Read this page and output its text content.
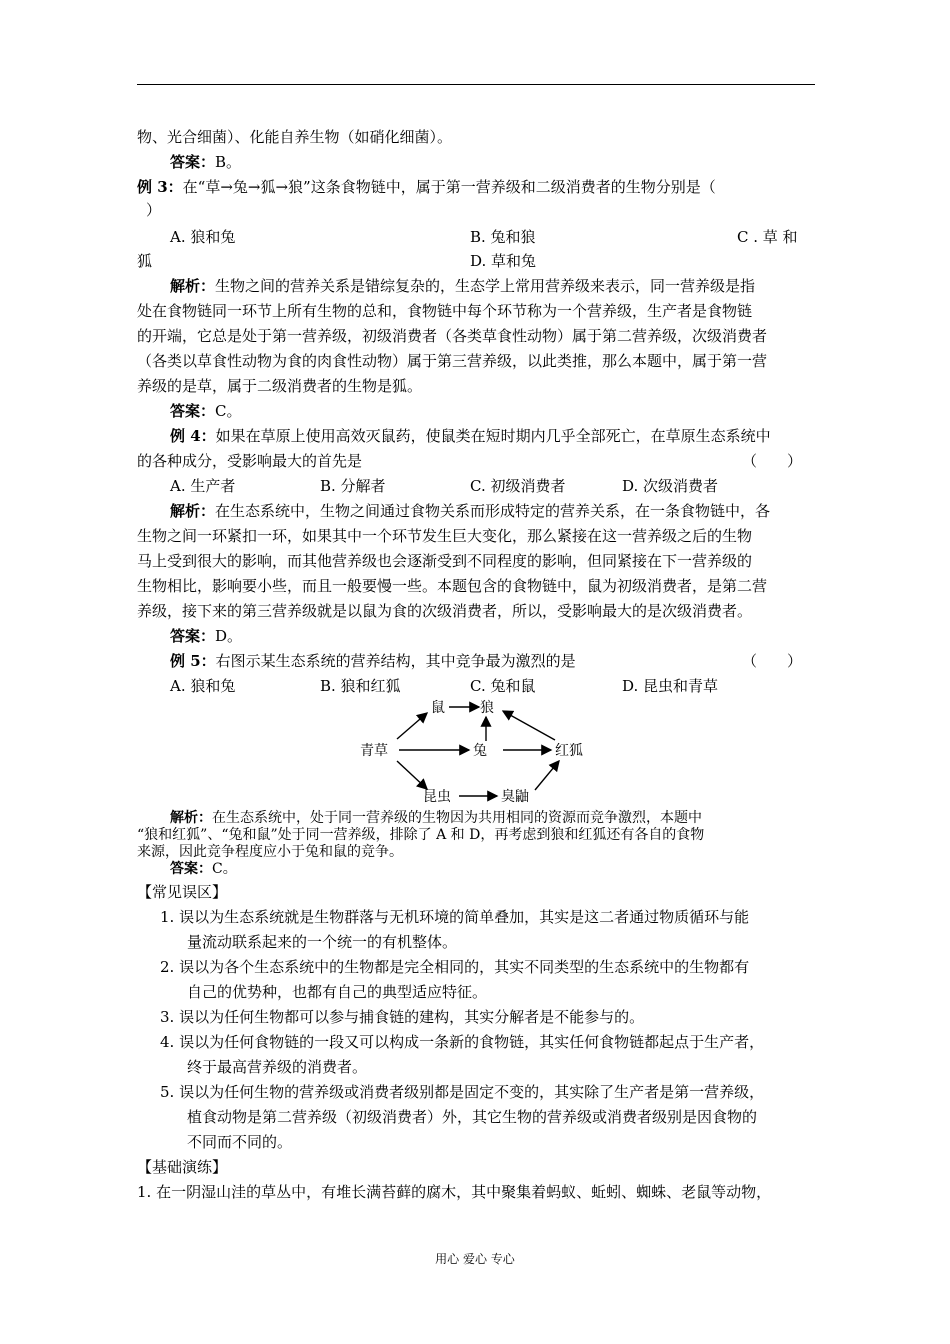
物、光合细菌）、化能自养生物（如硝化细菌）。
答案：B。
例 3：在“草→兔→狐→狼”这条食物链中，属于第一营养级和二级消费者的生物分别是（
）
A. 狼和兔	B. 兔和狼	C . 草 和
狐	D. 草和兔
解析：生物之间的营养关系是错综复杂的，生态学上常用营养级来表示，同一营养级是指
处在食物链同一环节上所有生物的总和，食物链中每个环节称为一个营养级，生产者是食物链
的开端，它总是处于第一营养级，初级消费者（各类草食性动物）属于第二营养级，次级消费者
（各类以草食性动物为食的肉食性动物）属于第三营养级，以此类推，那么本题中，属于第一营
养级的是草，属于二级消费者的生物是狐。
答案：C。
例 4：如果在草原上使用高效灭鼠药，使鼠类在短时期内几乎全部死亡，在草原生态系统中
的各种成分，受影响最大的首先是	（　　）
A. 生产者	B. 分解者	C. 初级消费者	D. 次级消费者
解析：在生态系统中，生物之间通过食物关系而形成特定的营养关系，在一条食物链中，各
生物之间一环紧扣一环，如果其中一个环节发生巨大变化，那么紧接在这一营养级之后的生物
马上受到很大的影响，而其他营养级也会逐渐受到不同程度的影响，但同紧接在下一营养级的
生物相比，影响要小些，而且一般要慢一些。本题包含的食物链中，鼠为初级消费者，是第二营
养级，接下来的第三营养级就是以鼠为食的次级消费者，所以，受影响最大的是次级消费者。
答案：D。
例 5：右图示某生态系统的营养结构，其中竞争最为激烈的是	（　　）
A. 狼和兔	B. 狼和红狐	C. 兔和鼠	D. 昆虫和青草
鼠	狼
青草	兔	红狐
昆虫	臭鼬
解析：在生态系统中，处于同一营养级的生物因为共用相同的资源而竞争激烈，本题中
“狼和红狐”、“兔和鼠”处于同一营养级，排除了 A 和 D，再考虑到狼和红狐还有各自的食物
来源，因此竞争程度应小于兔和鼠的竞争。
答案：C。
【常见误区】
1. 误以为生态系统就是生物群落与无机环境的简单叠加，其实是这二者通过物质循环与能
量流动联系起来的一个统一的有机整体。
2. 误以为各个生态系统中的生物都是完全相同的，其实不同类型的生态系统中的生物都有
自己的优势种，也都有自己的典型适应特征。
3. 误以为任何生物都可以参与捕食链的建构，其实分解者是不能参与的。
4. 误以为任何食物链的一段又可以构成一条新的食物链，其实任何食物链都起点于生产者，
终于最高营养级的消费者。
5. 误以为任何生物的营养级或消费者级别都是固定不变的，其实除了生产者是第一营养级，
植食动物是第二营养级（初级消费者）外，其它生物的营养级或消费者级别是因食物的
不同而不同的。
【基础演练】
1. 在一阴湿山洼的草丛中，有堆长满苔藓的腐木，其中聚集着蚂蚁、蚯蚓、蜘蛛、老鼠等动物，
用心 爱心 专心
